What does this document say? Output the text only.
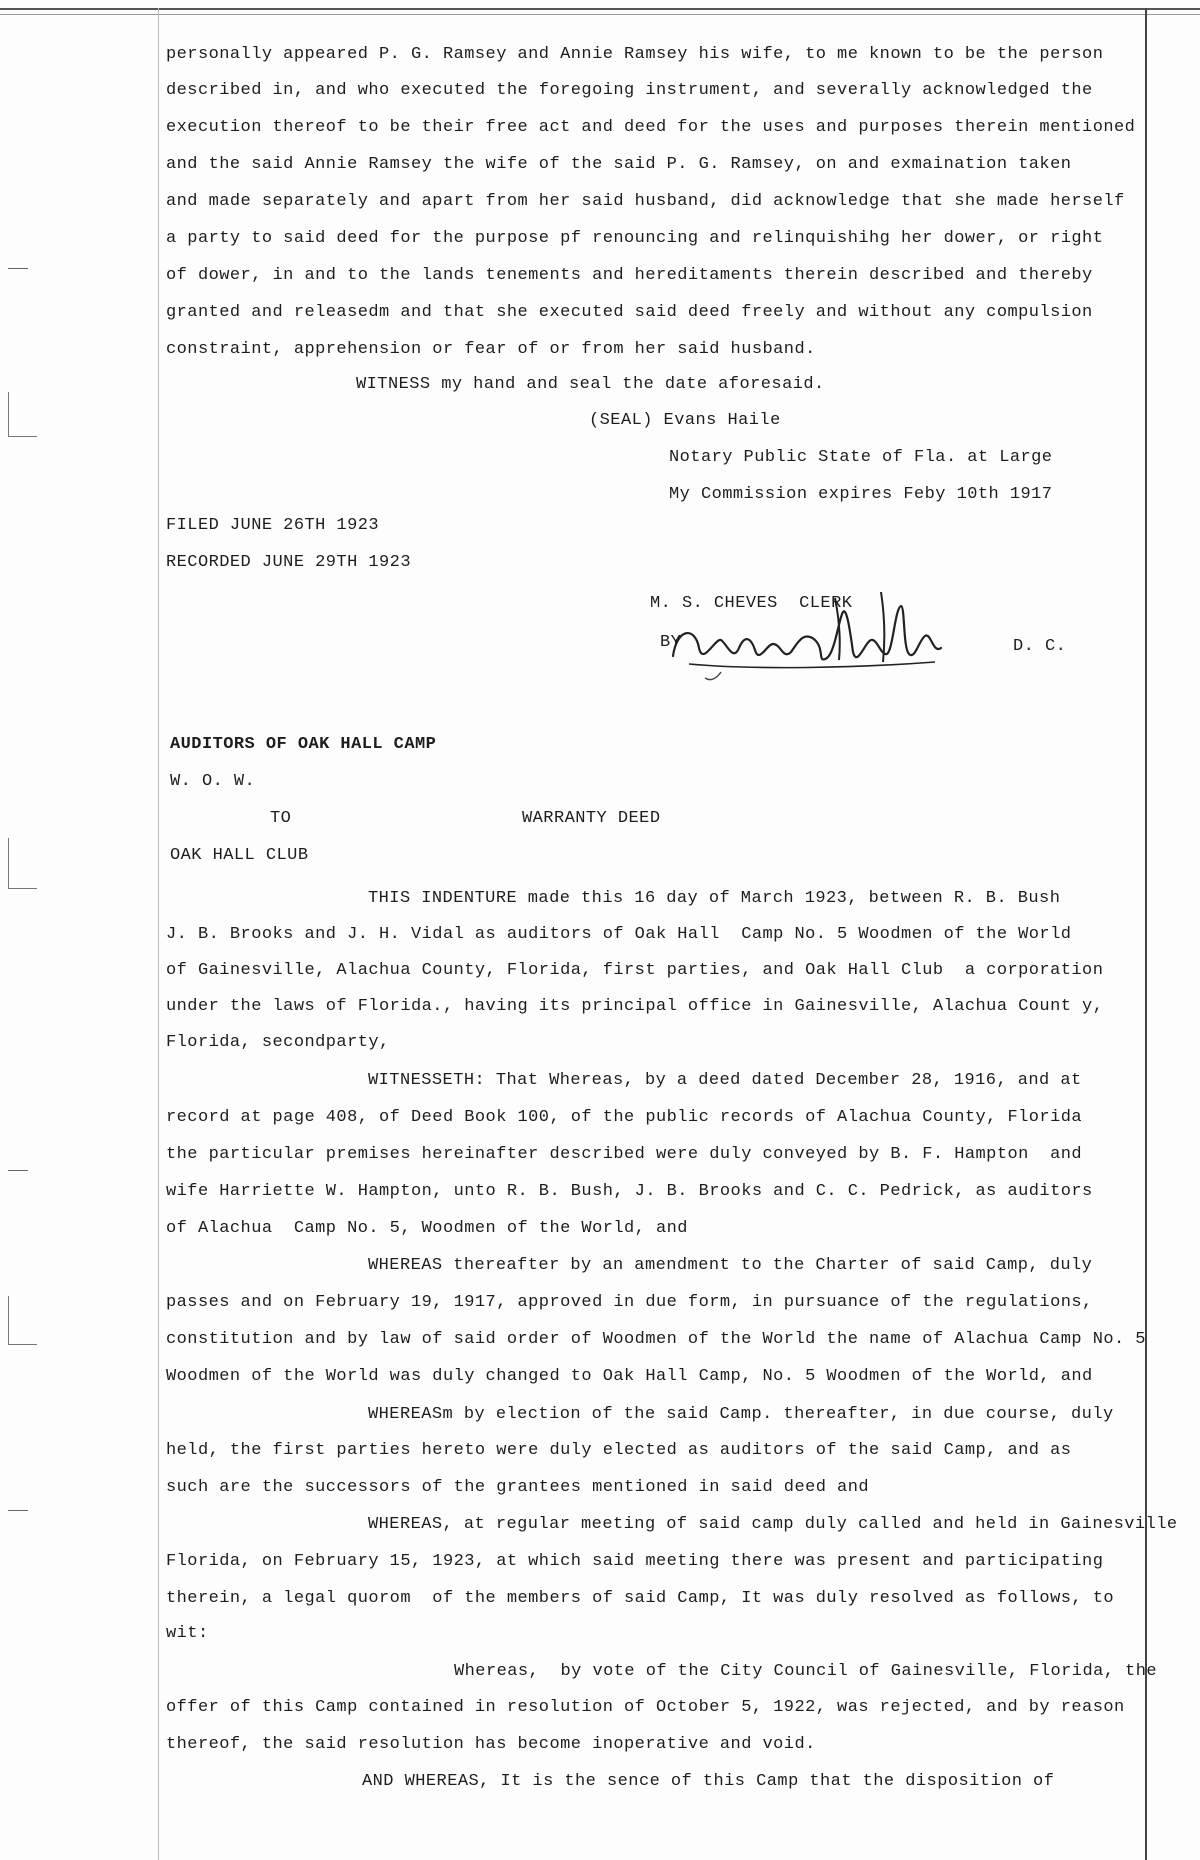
personally appeared P. G. Ramsey and Annie Ramsey his wife, to me known to be the person
described in, and who executed the foregoing instrument, and severally acknowledged the
execution thereof to be their free act and deed for the uses and purposes therein mentioned
and the said Annie Ramsey the wife of the said P. G. Ramsey, on and exmaination taken
and made separately and apart from her said husband, did acknowledge that she made herself
a party to said deed for the purpose pf renouncing and relinquishihg her dower, or right
of dower, in and to the lands tenements and hereditaments therein described and thereby
granted and releasedm and that she executed said deed freely and without any compulsion
constraint, apprehension or fear of or from her said husband.
WITNESS my hand and seal the date aforesaid.
(SEAL) Evans Haile
Notary Public State of Fla. at Large
My Commission expires Feby 10th 1917
FILED JUNE 26TH 1923
RECORDED JUNE 29TH 1923
M. S. CHEVES  CLERK
BY	D. C.
AUDITORS OF OAK HALL CAMP
W. O. W.
TO	WARRANTY DEED
OAK HALL CLUB
THIS INDENTURE made this 16 day of March 1923, between R. B. Bush
J. B. Brooks and J. H. Vidal as auditors of Oak Hall  Camp No. 5 Woodmen of the World
of Gainesville, Alachua County, Florida, first parties, and Oak Hall Club  a corporation
under the laws of Florida., having its principal office in Gainesville, Alachua Count y,
Florida, secondparty,
WITNESSETH: That Whereas, by a deed dated December 28, 1916, and at
record at page 408, of Deed Book 100, of the public records of Alachua County, Florida
the particular premises hereinafter described were duly conveyed by B. F. Hampton  and
wife Harriette W. Hampton, unto R. B. Bush, J. B. Brooks and C. C. Pedrick, as auditors
of Alachua  Camp No. 5, Woodmen of the World, and
WHEREAS thereafter by an amendment to the Charter of said Camp, duly
passes and on February 19, 1917, approved in due form, in pursuance of the regulations,
constitution and by law of said order of Woodmen of the World the name of Alachua Camp No. 5
Woodmen of the World was duly changed to Oak Hall Camp, No. 5 Woodmen of the World, and
WHEREASm by election of the said Camp. thereafter, in due course, duly
held, the first parties hereto were duly elected as auditors of the said Camp, and as
such are the successors of the grantees mentioned in said deed and
WHEREAS, at regular meeting of said camp duly called and held in Gainesville
Florida, on February 15, 1923, at which said meeting there was present and participating
therein, a legal quorom  of the members of said Camp, It was duly resolved as follows, to
wit:
Whereas,  by vote of the City Council of Gainesville, Florida, the
offer of this Camp contained in resolution of October 5, 1922, was rejected, and by reason
thereof, the said resolution has become inoperative and void.
AND WHEREAS, It is the sence of this Camp that the disposition of
